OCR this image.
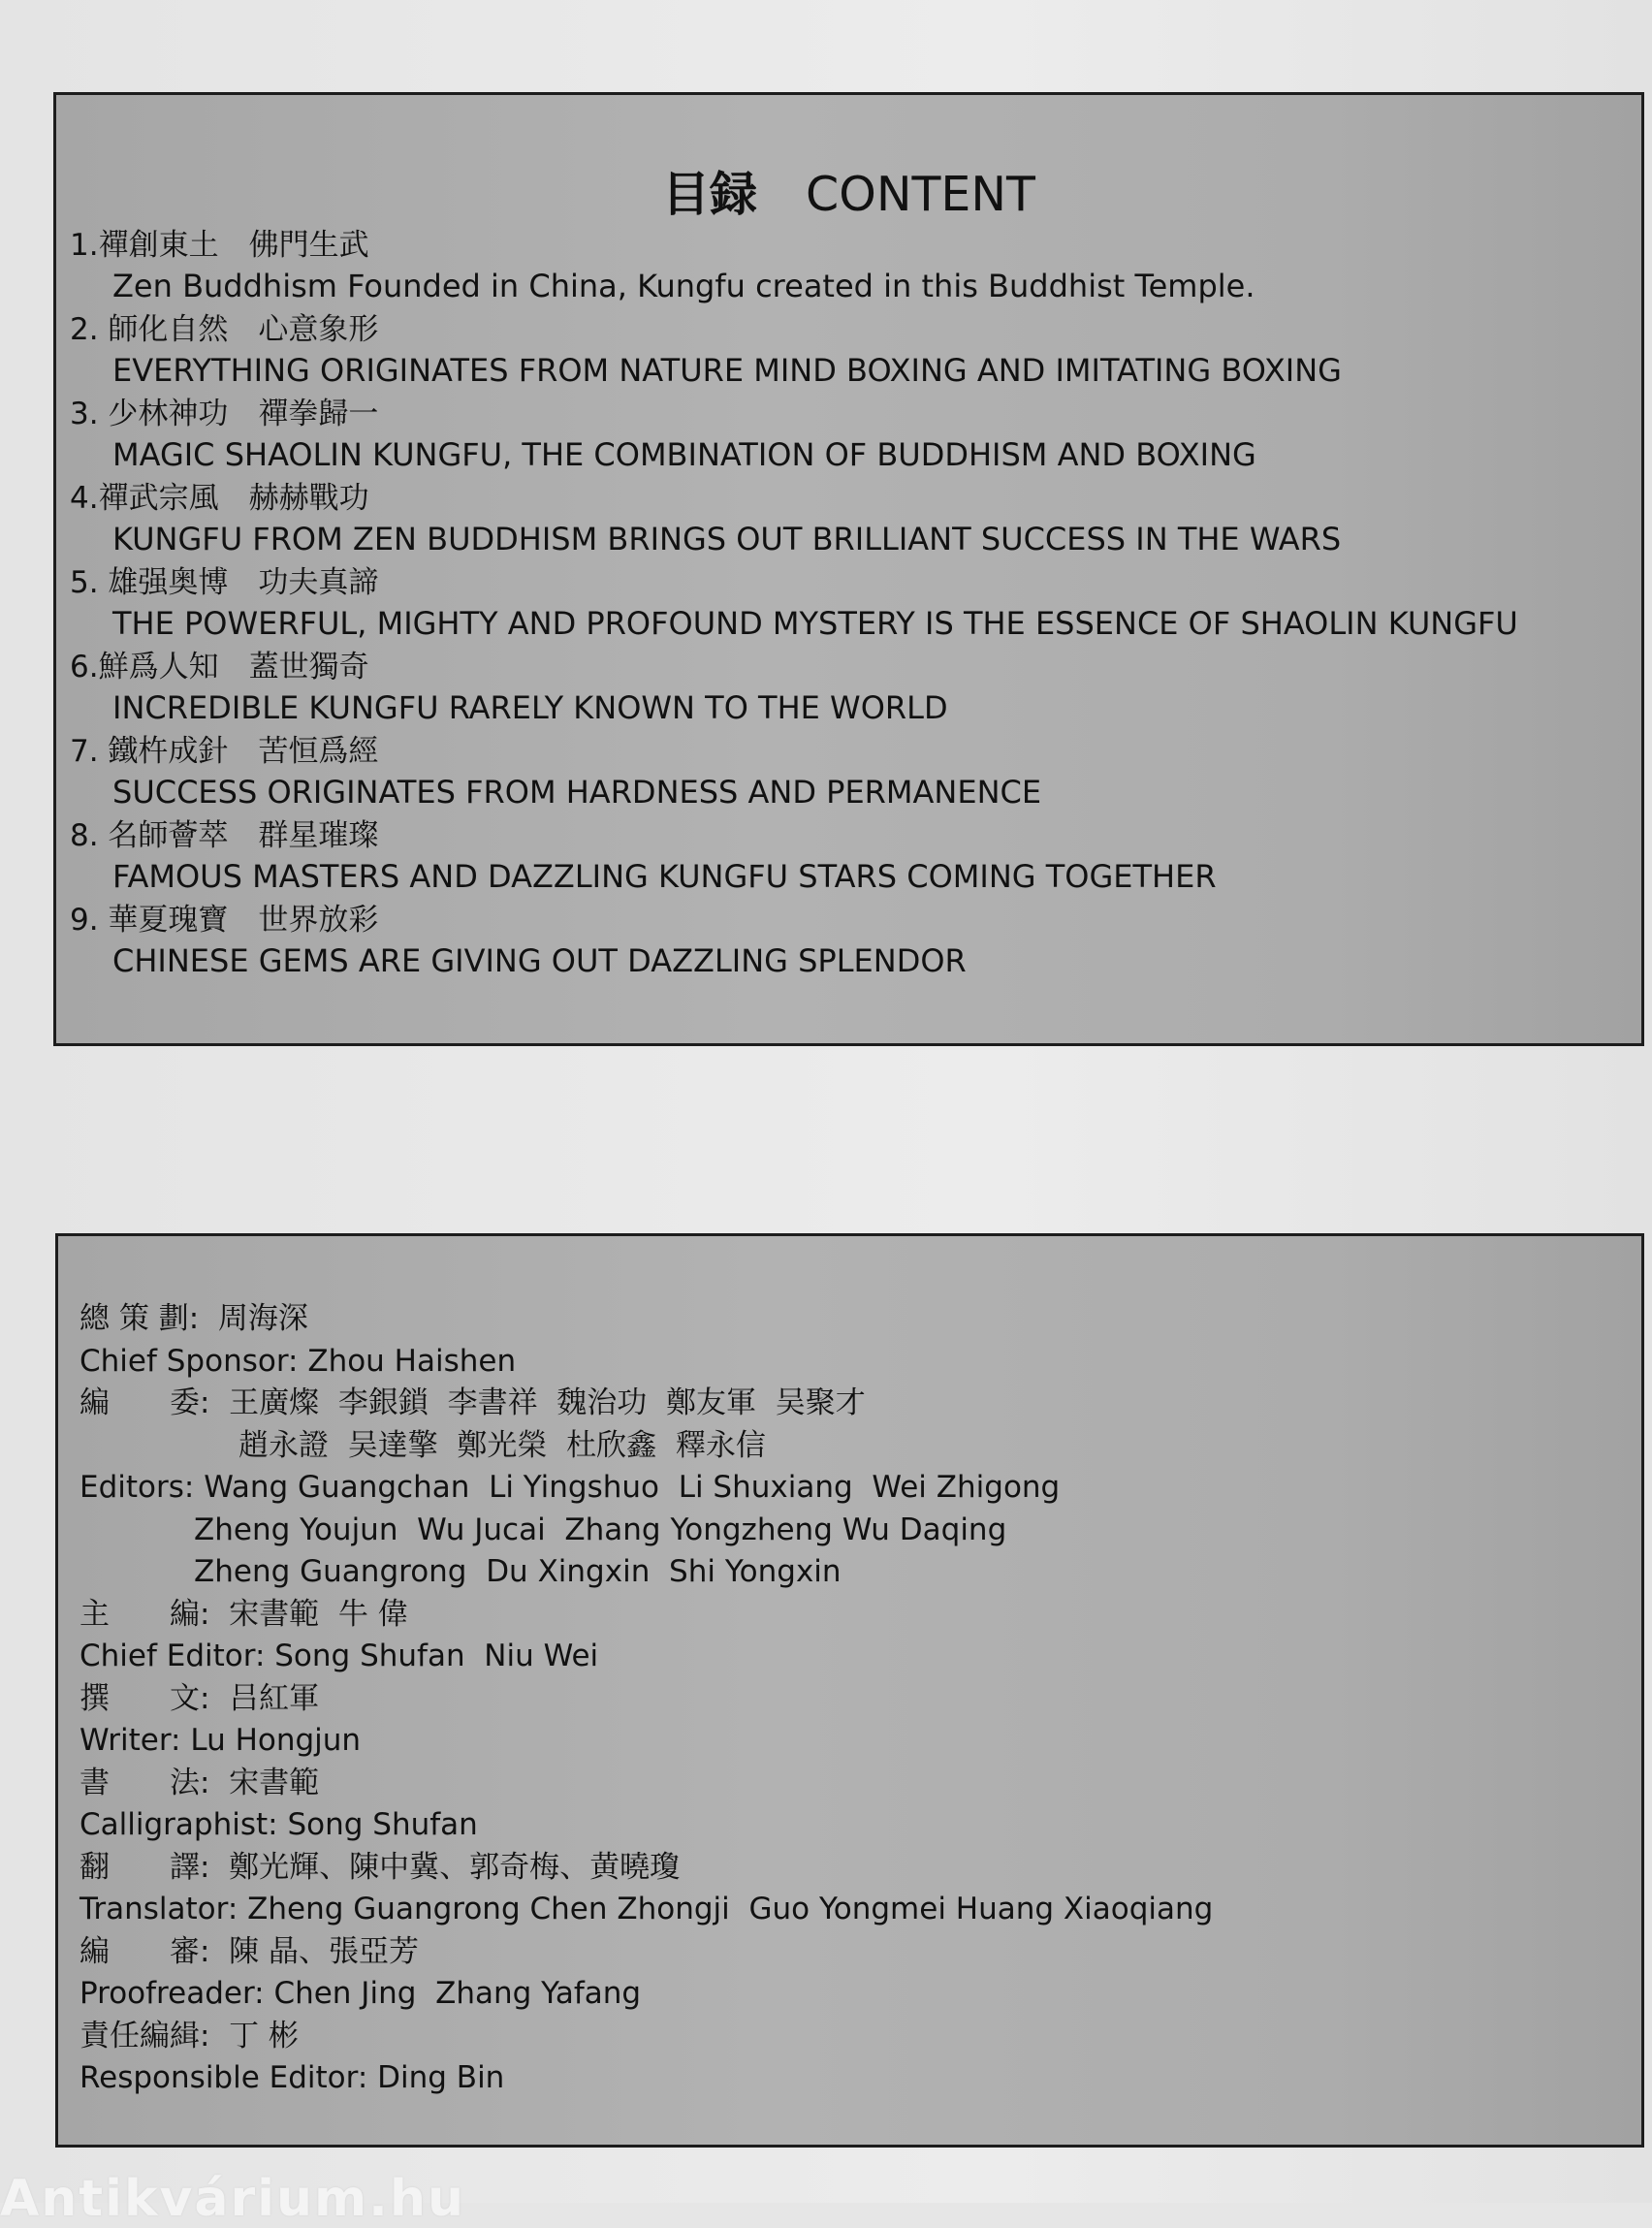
目録 CONTENT
1.禪創東土　佛門生武
Zen Buddhism Founded in China, Kungfu created in this Buddhist Temple.
2. 師化自然　心意象形
EVERYTHING ORIGINATES FROM NATURE MIND BOXING AND IMITATING BOXING
3. 少林神功　禪拳歸一
MAGIC SHAOLIN KUNGFU, THE COMBINATION OF BUDDHISM AND BOXING
4.禪武宗風　赫赫戰功
KUNGFU FROM ZEN BUDDHISM BRINGS OUT BRILLIANT SUCCESS IN THE WARS
5. 雄强奥博　功夫真諦
THE POWERFUL, MIGHTY AND PROFOUND MYSTERY IS THE ESSENCE OF SHAOLIN KUNGFU
6.鮮爲人知　蓋世獨奇
INCREDIBLE KUNGFU RARELY KNOWN TO THE WORLD
7. 鐵杵成針　苦恒爲經
SUCCESS ORIGINATES FROM HARDNESS AND PERMANENCE
8. 名師薈萃　群星璀璨
FAMOUS MASTERS AND DAZZLING KUNGFU STARS COMING TOGETHER
9. 華夏瑰寶　世界放彩
CHINESE GEMS ARE GIVING OUT DAZZLING SPLENDOR
總 策 劃:  周海深
Chief Sponsor: Zhou Haishen
編　　委:  王廣燦  李銀鎖  李書祥  魏治功  鄭友軍  吴聚才
趙永證  吴達擎  鄭光榮  杜欣鑫  釋永信
Editors: Wang Guangchan  Li Yingshuo  Li Shuxiang  Wei Zhigong
Zheng Youjun  Wu Jucai  Zhang Yongzheng Wu Daqing
Zheng Guangrong  Du Xingxin  Shi Yongxin
主　　編:  宋書範  牛 偉
Chief Editor: Song Shufan  Niu Wei
撰　　文:  吕紅軍
Writer: Lu Hongjun
書　　法:  宋書範
Calligraphist: Song Shufan
翻　　譯:  鄭光輝、陳中冀、郭奇梅、黄曉瓊
Translator: Zheng Guangrong Chen Zhongji  Guo Yongmei Huang Xiaoqiang
編　　審:  陳 晶、張亞芳
Proofreader: Chen Jing  Zhang Yafang
責任編緝:  丁 彬
Responsible Editor: Ding Bin
Antikvárium.hu
